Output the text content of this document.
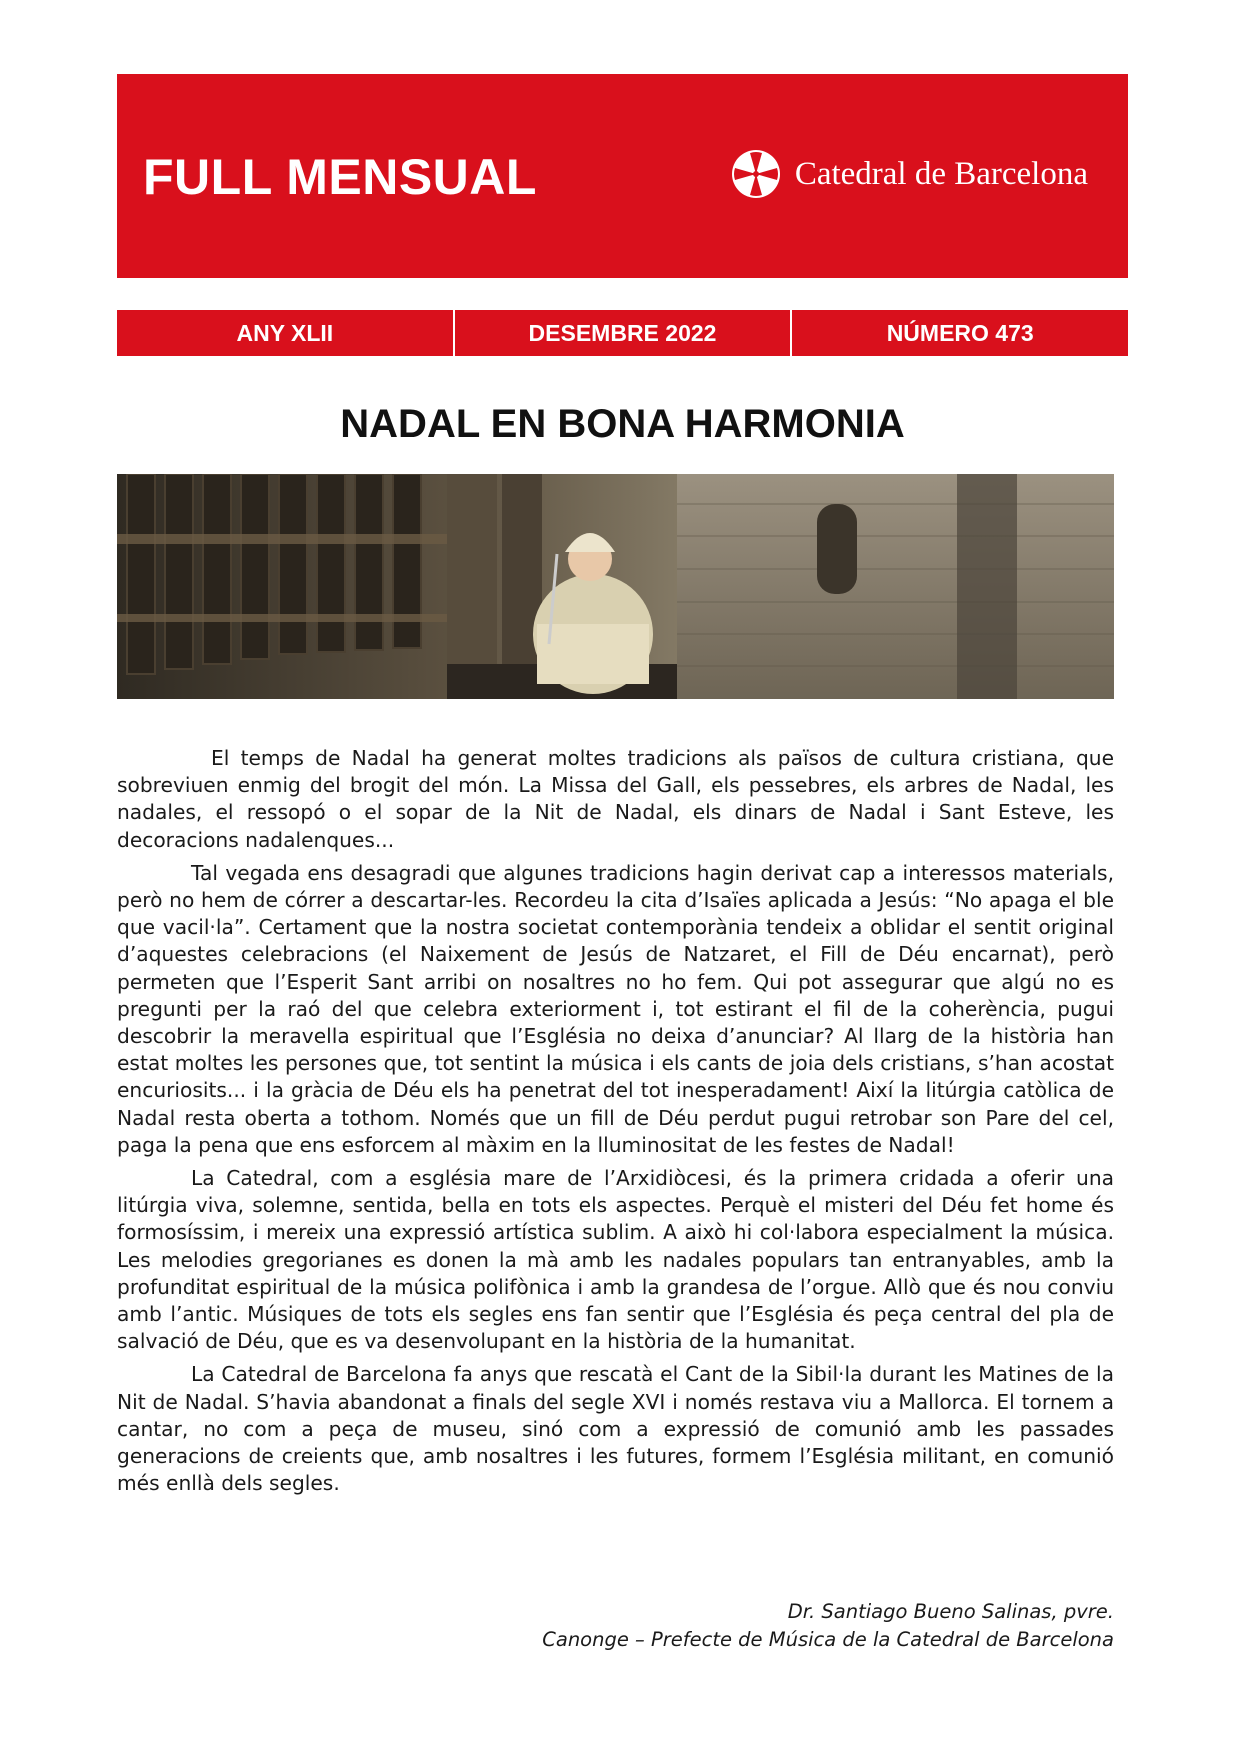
FULL MENSUAL	Catedral de Barcelona
ANY XLII	DESEMBRE 2022	NÚMERO 473
NADAL EN BONA HARMONIA

El temps de Nadal ha generat moltes tradicions als països de cultura cristiana, que sobreviuen enmig del brogit del món. La Missa del Gall, els pessebres, els arbres de Nadal, les nadales, el ressopó o el sopar de la Nit de Nadal, els dinars de Nadal i Sant Esteve, les decoracions nadalenques...

Tal vegada ens desagradi que algunes tradicions hagin derivat cap a interessos materials, però no hem de córrer a descartar-les. Recordeu la cita d’Isaïes aplicada a Jesús: “No apaga el ble que vacil·la”. Certament que la nostra societat contemporània tendeix a oblidar el sentit original d’aquestes celebracions (el Naixement de Jesús de Natzaret, el Fill de Déu encarnat), però permeten que l’Esperit Sant arribi on nosaltres no ho fem. Qui pot assegurar que algú no es pregunti per la raó del que celebra exteriorment i, tot estirant el fil de la coherència, pugui descobrir la meravella espiritual que l’Església no deixa d’anunciar? Al llarg de la història han estat moltes les persones que, tot sentint la música i els cants de joia dels cristians, s’han acostat encuriosits... i la gràcia de Déu els ha penetrat del tot inesperadament! Així la litúrgia catòlica de Nadal resta oberta a tothom. Només que un fill de Déu perdut pugui retrobar son Pare del cel, paga la pena que ens esforcem al màxim en la lluminositat de les festes de Nadal!

La Catedral, com a església mare de l’Arxidiòcesi, és la primera cridada a oferir una litúrgia viva, solemne, sentida, bella en tots els aspectes. Perquè el misteri del Déu fet home és formosíssim, i mereix una expressió artística sublim. A això hi col·labora especialment la música. Les melodies gregorianes es donen la mà amb les nadales populars tan entranyables, amb la profunditat espiritual de la música polifònica i amb la grandesa de l’orgue. Allò que és nou conviu amb l’antic. Músiques de tots els segles ens fan sentir que l’Església és peça central del pla de salvació de Déu, que es va desenvolupant en la història de la humanitat.

La Catedral de Barcelona fa anys que rescatà el Cant de la Sibil·la durant les Matines de la Nit de Nadal. S’havia abandonat a finals del segle XVI i només restava viu a Mallorca. El tornem a cantar, no com a peça de museu, sinó com a expressió de comunió amb les passades generacions de creients que, amb nosaltres i les futures, formem l’Església militant, en comunió més enllà dels segles.

Dr. Santiago Bueno Salinas, pvre.
Canonge – Prefecte de Música de la Catedral de Barcelona
